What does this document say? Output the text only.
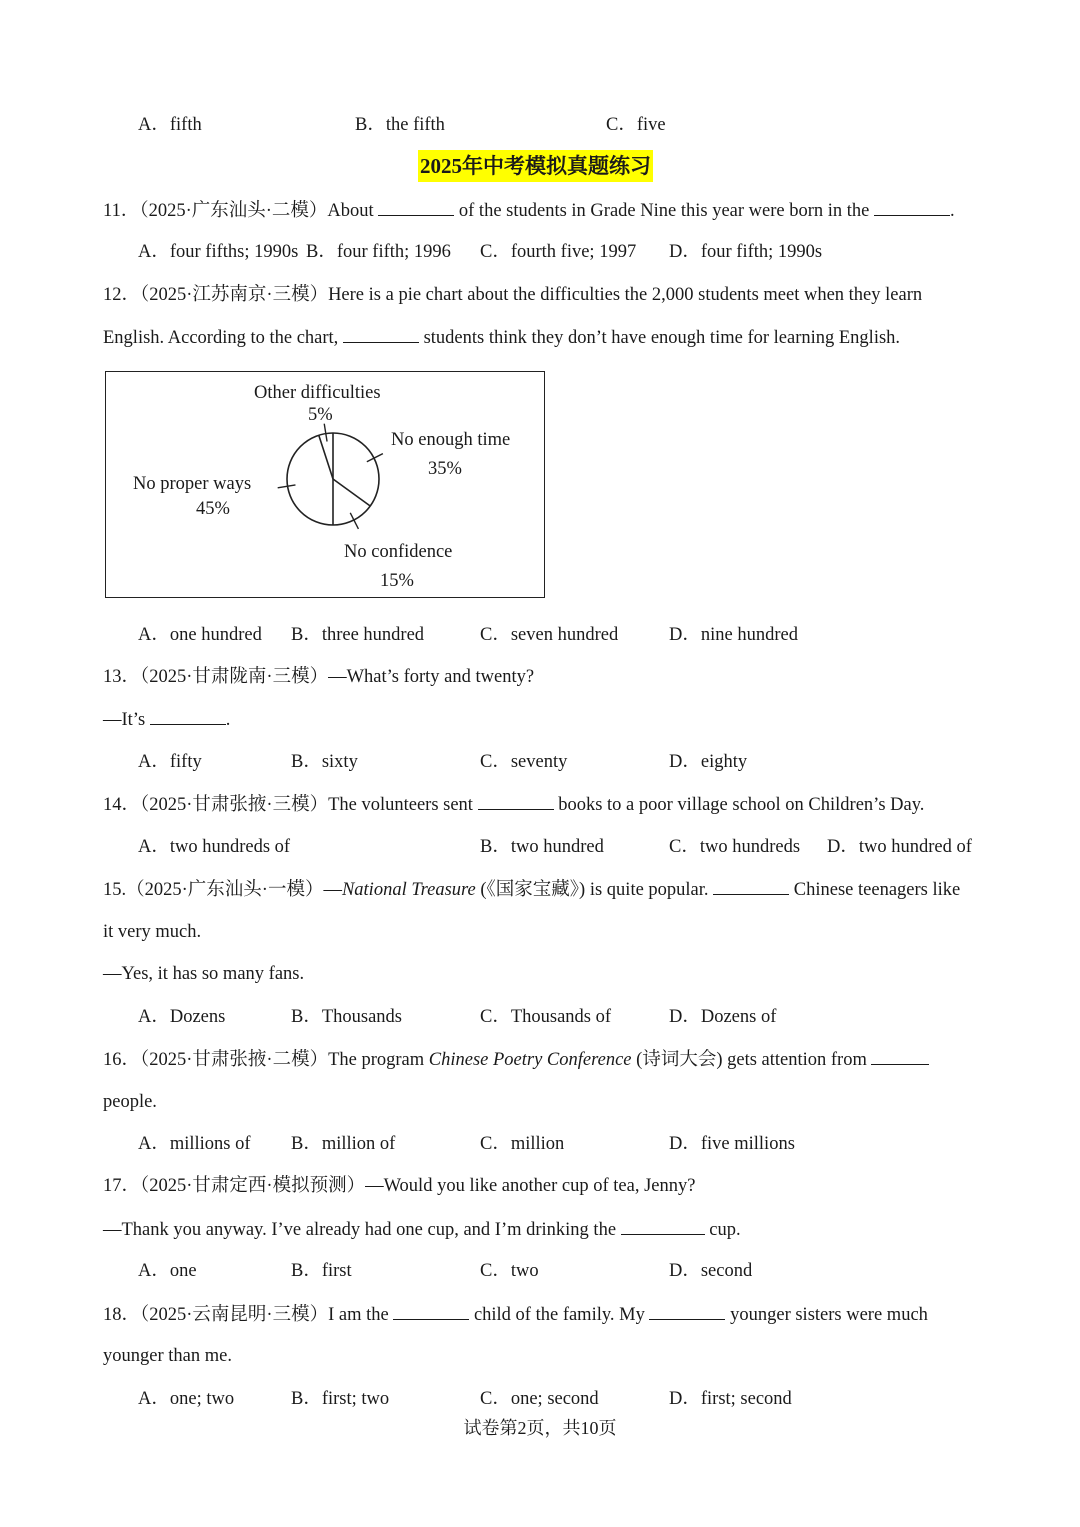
A．fifth	B．the fifth	C．five
2025年中考模拟真题练习
11．（2025·广东汕头·二模）About	of the students in Grade Nine this year were born in the	.
A．four fifths; 1990s B．four fifth; 1996 C．fourth five; 1997 D．four fifth; 1990s
12．（2025·江苏南京·三模）Here is a pie chart about the difficulties the 2,000 students meet when they learn
English. According to the chart,	students think they don’t have enough time for learning English.
Other difficulties
5%
No enough time
35%
No proper ways
45%
No confidence
15%
A．one hundred B．three hundred	C．seven hundred	D．nine hundred
13．（2025·甘肃陇南·三模）—What’s forty and twenty?
—It’s	.
A．fifty	B．sixty	C．seventy	D．eighty
14．（2025·甘肃张掖·三模）The volunteers sent	books to a poor village school on Children’s Day.
A．two hundreds of	B．two hundred	C．two hundreds D．two hundred of
15.（2025·广东汕头·一模）—National Treasure (《国家宝藏》) is quite popular.	Chinese teenagers like
it very much.
—Yes, it has so many fans.
A．Dozens	B．Thousands	C．Thousands of	D．Dozens of
16．（2025·甘肃张掖·二模）The program Chinese Poetry Conference (诗词大会) gets attention from
people.
A．millions of B．million of	C．million	D．five millions
17．（2025·甘肃定西·模拟预测）—Would you like another cup of tea, Jenny?
—Thank you anyway. I’ve already had one cup, and I’m drinking the	cup.
A．one	B．first	C．two	D．second
18．（2025·云南昆明·三模）I am the	child of the family. My	younger sisters were much
younger than me.
A．one; two	B．first; two	C．one; second	D．first; second
试卷第2页，共10页
